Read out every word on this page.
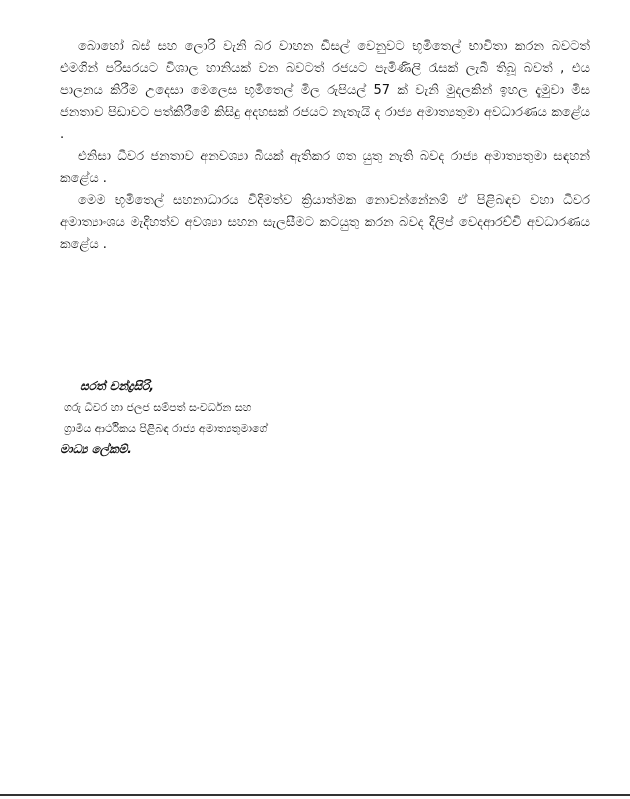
බොහෝ බස් සහ ලොරි වැනි බර වාහන ඩීසල් වෙනුවට භූමිතෙල් භාවිතා කරන බවටත් එමගින් පරිසරයට විශාල හානියක් වන බවටත් රජයට පැමිණිලි රැසක් ලැබී තිබූ බවත් , එය පාලනය කිරීම උදෙසා මෙලෙස භූමිතෙල් මිල රුපියල් 57 ක් වැනි මුදලකින් ඉහල දැමුවා මිස ජනතාව පිඩාවට පත්කිරීමේ කිසිදු අදහසක් රජයට නැතැයි ද රාජ්‍ය අමාත්‍යතුමා අවධාරණය කළේය .

එනිසා ධීවර ජනතාව අනවශ්‍යා බියක් ඇතිකර ගත යුතු නැති බවද රාජ්‍ය අමාත්‍යතුමා සඳහන් කළේය .

මෙම භූමිතෙල් සහනාධාරය විදිමත්ව ක්‍රියාත්මක නොවන්නේනම් ඒ පිළිබඳව වහා ධීවර අමාත්‍යාංශය මැදිහත්ව අවශ්‍යා සහන සැලසීමට කටයුතු කරන බවද දිලිප් වෙදආරච්චි අවධාරණය කළේය .

සරත් චන්ද්‍රසිරි,

ගරු ධීවර හා ජලජ සම්පත් සංවර්ධන සහ

ග්‍රාමීය ආර්ථිකය පිළිබඳ රාජ්‍ය අමාත්‍යතුමාගේ

මාධ්‍ය ලේකම්.
